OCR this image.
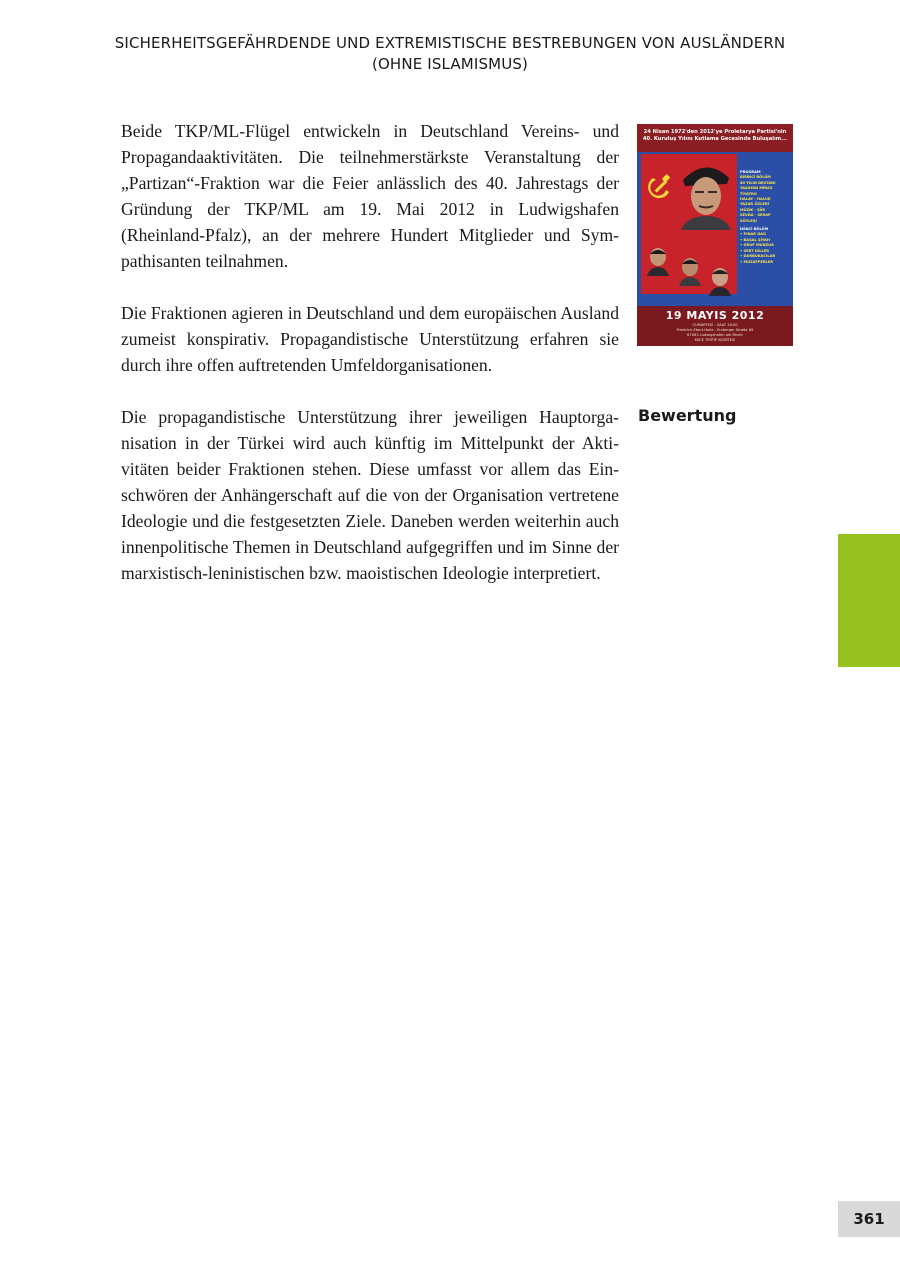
SICHERHEITSGEFÄHRDENDE UND EXTREMISTISCHE BESTREBUNGEN VON AUSLÄNDERN
(OHNE ISLAMISMUS)

Beide TKP/ML-Flügel entwickeln in Deutschland Vereins- und Propagandaaktivitäten. Die teilnehmerstärkste Veranstaltung der „Partizan“-Fraktion war die Feier anlässlich des 40. Jahrestags der Gründung der TKP/ML am 19. Mai 2012 in Ludwigshafen (Rheinland-Pfalz), an der mehrere Hundert Mitglieder und Sympathisanten teilnahmen.

Die Fraktionen agieren in Deutschland und dem europäischen Ausland zumeist konspirativ. Propagandistische Unterstützung erfahren sie durch ihre offen auftretenden Umfeldorganisationen.

Die propagandistische Unterstützung ihrer jeweiligen Hauptorganisation in der Türkei wird auch künftig im Mittelpunkt der Aktivitäten beider Fraktionen stehen. Diese umfasst vor allem das Einschwören der Anhängerschaft auf die von der Organisation vertretene Ideologie und die festgesetzten Ziele. Daneben werden weiterhin auch innenpolitische Themen in Deutschland aufgegriffen und im Sinne der marxistisch-leninistischen bzw. maoistischen Ideologie interpretiert.

24 Nisan 1972'den 2012'ye Proletarya Partisi'nin
40. Kuruluş Yılını Kutlama Gecesinde Buluşalım...
PROGRAM
BİRİNCİ BÖLÜM
40 YILIN DESTANI
YAŞAYAN MİRAS
TİYATRO
HALAY · HALUK
YAZAR ÖZLERİ
MÜZİK · ŞİİR
SEVDA · SERAP
SÖYLEŞİ
İKİNCİ BÖLÜM
• PINAR DAĞ
• BAŞAL ŞİYAH
• GRUP MUNZUR
• SERT DİLLER
• DARBUKACILAR
• MUZAFFERLER
19 MAYIS 2012
CUMARTESİ - SAAT 16:00
Friedrich-Ebert-Halle - Erzberger Straße 89
67063 Ludwigshafen am Rhein
KKCE TERTİP KOMİTESİ
Bewertung
361
